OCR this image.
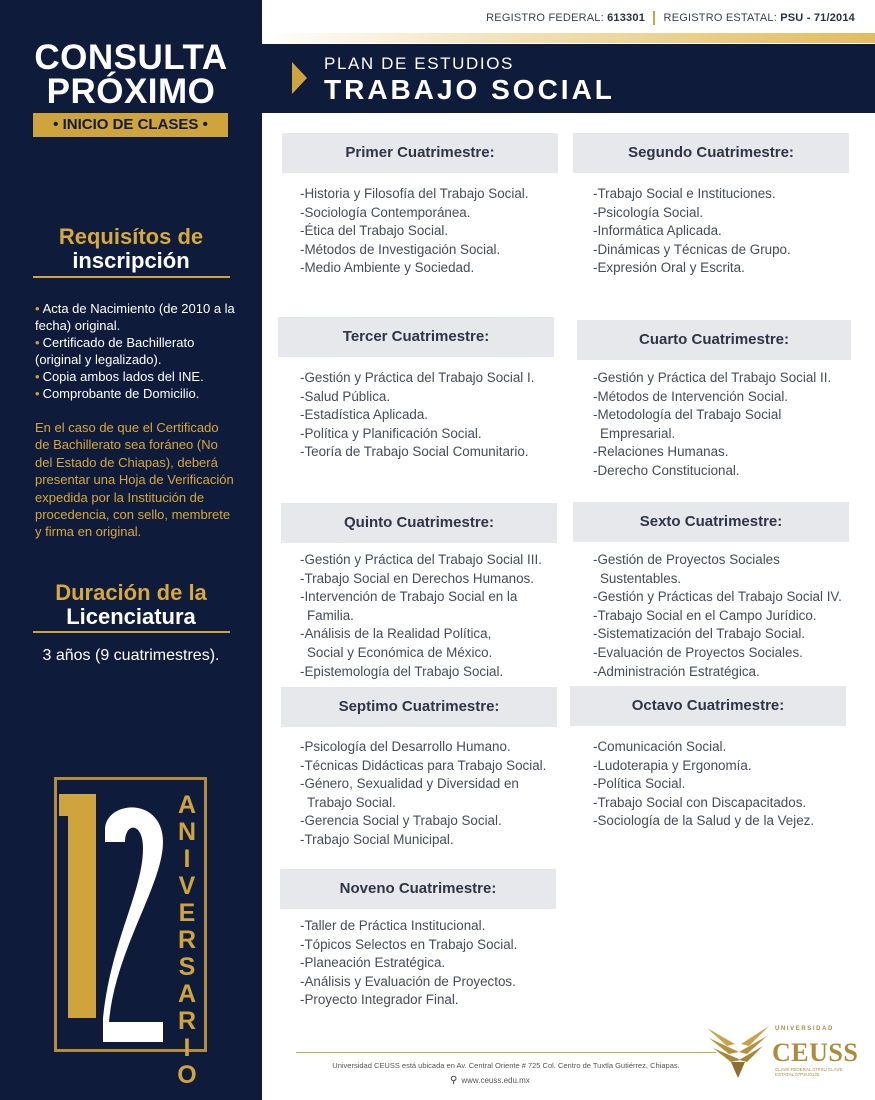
CONSULTA
PRÓXIMO
• INICIO DE CLASES •
Requisítos de
inscripción
• Acta de Nacimiento (de 2010 a la fecha) original.
• Certificado de Bachillerato (original y legalizado).
• Copia ambos lados del INE.
• Comprobante de Domicilio.

En el caso de que el Certificado de Bachillerato sea foráneo (No del Estado de Chiapas), deberá presentar una Hoja de Verificación expedida por la Institución de procedencia, con sello, membrete y firma en original.

Duración de la
Licenciatura
3 años (9 cuatrimestres).
A
N
I
V
E
R
S
A
R
I
O
REGISTRO FEDERAL: 613301 REGISTRO ESTATAL: PSU - 71/2014
PLAN DE ESTUDIOS
TRABAJO SOCIAL
Primer Cuatrimestre:
-Historia y Filosofía del Trabajo Social.
-Sociología Contemporánea.
-Ética del Trabajo Social.
-Métodos de Investigación Social.
-Medio Ambiente y Sociedad.
Segundo Cuatrimestre:
-Trabajo Social e Instituciones.
-Psicología Social.
-Informática Aplicada.
-Dinámicas y Técnicas de Grupo.
-Expresión Oral y Escrita.
Tercer Cuatrimestre:
-Gestión y Práctica del Trabajo Social I.
-Salud Pública.
-Estadística Aplicada.
-Política y Planificación Social.
-Teoría de Trabajo Social Comunitario.
Cuarto Cuatrimestre:
-Gestión y Práctica del Trabajo Social II.
-Métodos de Intervención Social.
-Metodología del Trabajo Social
Empresarial.
-Relaciones Humanas.
-Derecho Constitucional.
Quinto Cuatrimestre:
-Gestión y Práctica del Trabajo Social III.
-Trabajo Social en Derechos Humanos.
-Intervención de Trabajo Social en la
Familia.
-Análisis de la Realidad Política,
Social y Económica de México.
-Epistemología del Trabajo Social.
Sexto Cuatrimestre:
-Gestión de Proyectos Sociales
Sustentables.
-Gestión y Prácticas del Trabajo Social IV.
-Trabajo Social en el Campo Jurídico.
-Sistematización del Trabajo Social.
-Evaluación de Proyectos Sociales.
-Administración Estratégica.
Septimo Cuatrimestre:
-Psicología del Desarrollo Humano.
-Técnicas Didácticas para Trabajo Social.
-Género, Sexualidad y Diversidad en
Trabajo Social.
-Gerencia Social y Trabajo Social.
-Trabajo Social Municipal.
Octavo Cuatrimestre:
-Comunicación Social.
-Ludoterapia y Ergonomía.
-Política Social.
-Trabajo Social con Discapacitados.
-Sociología de la Salud y de la Vejez.
Noveno Cuatrimestre:
-Taller de Práctica Institucional.
-Tópicos Selectos en Trabajo Social.
-Planeación Estratégica.
-Análisis y Evaluación de Proyectos.
-Proyecto Integrador Final.
Universidad CEUSS está ubicada en Av. Central Oriente # 725 Col. Centro de Tuxtla Gutiérrez, Chiapas.
⚲ www.ceuss.edu.mx
UNIVERSIDAD
CEUSS
CLAVE FEDERAL 07PSU CLAVE ESTATAL 07PSU0125
